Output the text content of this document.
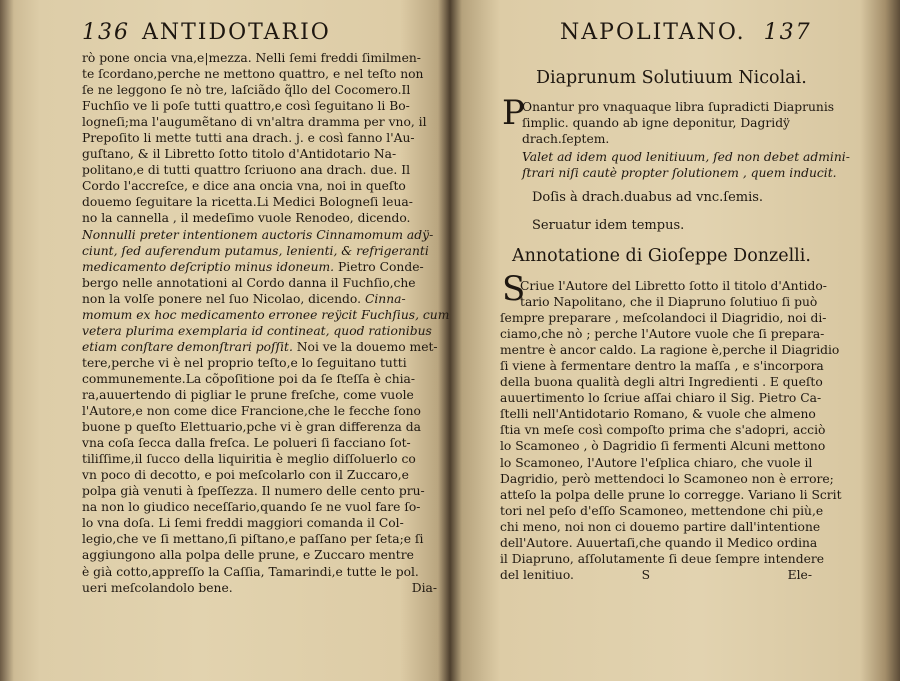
136 ANTIDOTARIO
rò pone oncia vna,e|mezza. Nelli ſemi freddi ſimilmen-
te ſcordano,perche ne mettono quattro, e nel teſto non
ſe ne leggono ſe nò tre, laſciãdo q̃llo del Cocomero.Il
Fuchſio ve li poſe tutti quattro,e così ſeguitano li Bo-
logneſi;ma l'augumẽtano di vn'altra dramma per vno, il
Prepoſito li mette tutti ana drach. j. e così fanno l'Au-
guſtano, & il Libretto ſotto titolo d'Antidotario Na-
politano,e di tutti quattro ſcriuono ana drach. due. Il
Cordo l'accreſce, e dice ana oncia vna, noi in queſto
douemo ſeguitare la ricetta.Li Medici Bologneſi leua-
no la cannella , il medeſimo vuole Renodeo, dicendo.
Nonnulli preter intentionem auctoris Cinnamomum adÿ-
ciunt, ſed auferendum putamus, lenienti, & refrigeranti
medicamento deſcriptio minus idoneum. Pietro Conde-
bergo nelle annotationi al Cordo danna il Fuchſio,che
non la volſe ponere nel ſuo Nicolao, dicendo. Cinna-
momum ex hoc medicamento erronee reÿcit Fuchſius, cum
vetera plurima exemplaria id contineat, quod rationibus
etiam conſtare demonſtrari poſſit. Noi ve la douemo met-
tere,perche vi è nel proprio teſto,e lo ſeguitano tutti
communemente.La cõpoſitione poi da ſe ſteſſa è chia-
ra,auuertendo di pigliar le prune freſche, come vuole
l'Autore,e non come dice Francione,che le fecche ſono
buone p queſto Elettuario,pche vi è gran differenza da
vna coſa ſecca dalla freſca. Le polueri ſi facciano ſot-
tiliſſime,il ſucco della liquiritia è meglio diſſoluerlo co
vn poco di decotto, e poi meſcolarlo con il Zuccaro,e
polpa già venuti à ſpeſſezza. Il numero delle cento pru-
na non lo giudico neceſſario,quando ſe ne vuol fare ſo-
lo vna doſa. Li ſemi freddi maggiori comanda il Col-
legio,che ve ſi mettano,ſi piſtano,e paſſano per ſeta;e ſi
aggiungono alla polpa delle prune, e Zuccaro mentre
è già cotto,appreſſo la Caſſia, Tamarindi,e tutte le pol.
ueri meſcolandolo bene.	Dia-
NAPOLITANO. 137
Diaprunum Solutiuum Nicolai.
P
Onantur pro vnaquaque libra ſupradicti Diaprunis
ſimplic. quando ab igne deponitur, Dagridÿ
drach.ſeptem.
Valet ad idem quod lenitiuum, ſed non debet admini-
ſtrari niſi cautè propter ſolutionem , quem inducit.
Doſis à drach.duabus ad vnc.ſemis.
Seruatur idem tempus.
Annotatione di Gioſeppe Donzelli.
S
Criue l'Autore del Libretto ſotto il titolo d'Antido-
tario Napolitano, che il Diapruno ſolutiuo ſi può
ſempre preparare , meſcolandoci il Diagridio, noi di-
ciamo,che nò ; perche l'Autore vuole che ſi prepara-
mentre è ancor caldo. La ragione è,perche il Diagridio
ſi viene à fermentare dentro la maſſa , e s'incorpora
della buona qualità degli altri Ingredienti . E queſto
auuertimento lo ſcriue aſſai chiaro il Sig. Pietro Ca-
ſtelli nell'Antidotario Romano, & vuole che almeno
ſtia vn meſe così compoſto prima che s'adopri, acciò
lo Scamoneo , ò Dagridio ſi fermenti Alcuni mettono
lo Scamoneo, l'Autore l'eſplica chiaro, che vuole il
Dagridio, però mettendoci lo Scamoneo non è errore;
atteſo la polpa delle prune lo corregge. Variano li Scrit
tori nel peſo d'eſſo Scamoneo, mettendone chi più,e
chi meno, noi non ci douemo partire dall'intentione
dell'Autore. Auuertaſi,che quando il Medico ordina
il Diapruno, aſſolutamente ſi deue ſempre intendere
del lenitiuo.	S	Ele-
